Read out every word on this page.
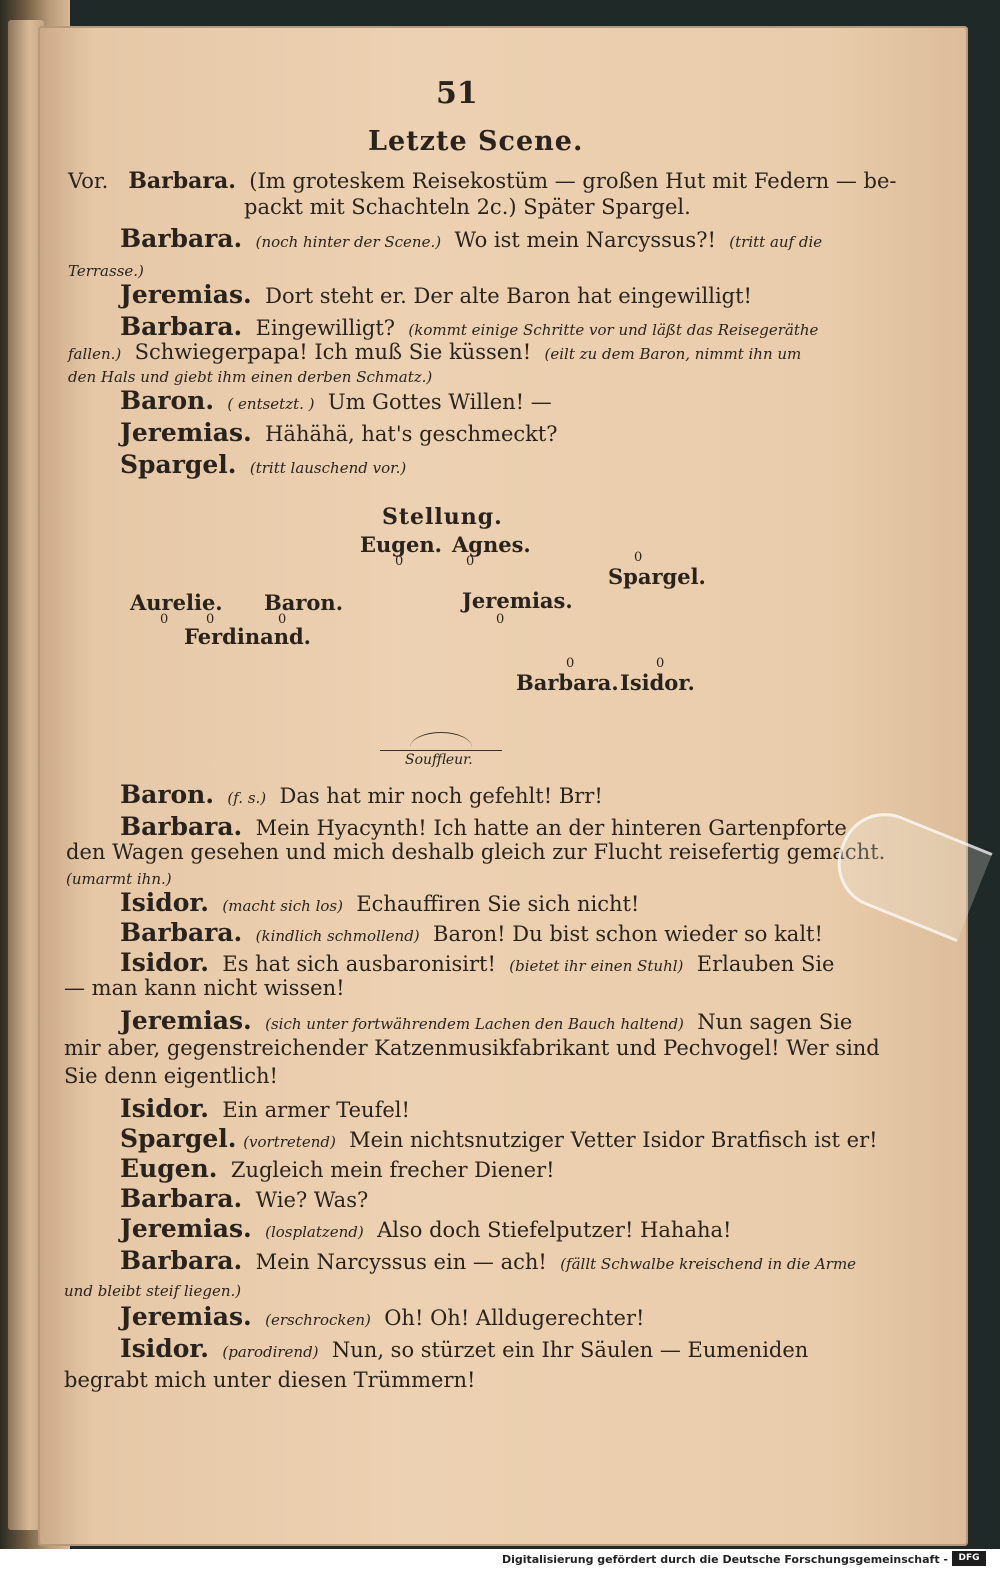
51
Letzte Scene.
Vor. Barbara. (Im groteskem Reisekostüm — großen Hut mit Federn — be-
packt mit Schachteln 2c.) Später Spargel.
Barbara. (noch hinter der Scene.) Wo ist mein Narcyssus?! (tritt auf die
Terrasse.)
Jeremias. Dort steht er. Der alte Baron hat eingewilligt!
Barbara. Eingewilligt? (kommt einige Schritte vor und läßt das Reisegeräthe
fallen.) Schwiegerpapa! Ich muß Sie küssen! (eilt zu dem Baron, nimmt ihn um
den Hals und giebt ihm einen derben Schmatz.)
Baron. ( entsetzt. ) Um Gottes Willen! —
Jeremias. Hähähä, hat's geschmeckt?
Spargel. (tritt lauschend vor.)
Stellung.
Eugen.
0
Agnes.
0	0
Spargel.
Aurelie. Baron.	Jeremias.
0	0	0	0
Ferdinand.
0	0
Barbara. Isidor.
Souffleur.
Baron. (f. s.) Das hat mir noch gefehlt! Brr!
Barbara. Mein Hyacynth! Ich hatte an der hinteren Gartenpforte
den Wagen gesehen und mich deshalb gleich zur Flucht reisefertig gemacht.
(umarmt ihn.)
Isidor. (macht sich los) Echauffiren Sie sich nicht!
Barbara. (kindlich schmollend) Baron! Du bist schon wieder so kalt!
Isidor. Es hat sich ausbaronisirt! (bietet ihr einen Stuhl) Erlauben Sie
— man kann nicht wissen!
Jeremias. (sich unter fortwährendem Lachen den Bauch haltend) Nun sagen Sie
mir aber, gegenstreichender Katzenmusikfabrikant und Pechvogel! Wer sind
Sie denn eigentlich!
Isidor. Ein armer Teufel!
Spargel. (vortretend) Mein nichtsnutziger Vetter Isidor Bratfisch ist er!
Eugen. Zugleich mein frecher Diener!
Barbara. Wie? Was?
Jeremias. (losplatzend) Also doch Stiefelputzer! Hahaha!
Barbara. Mein Narcyssus ein — ach! (fällt Schwalbe kreischend in die Arme
und bleibt steif liegen.)
Jeremias. (erschrocken) Oh! Oh! Alldugerechter!
Isidor. (parodirend) Nun, so stürzet ein Ihr Säulen — Eumeniden
begrabt mich unter diesen Trümmern!
Digitalisierung gefördert durch die Deutsche Forschungsgemeinschaft -	DFG
